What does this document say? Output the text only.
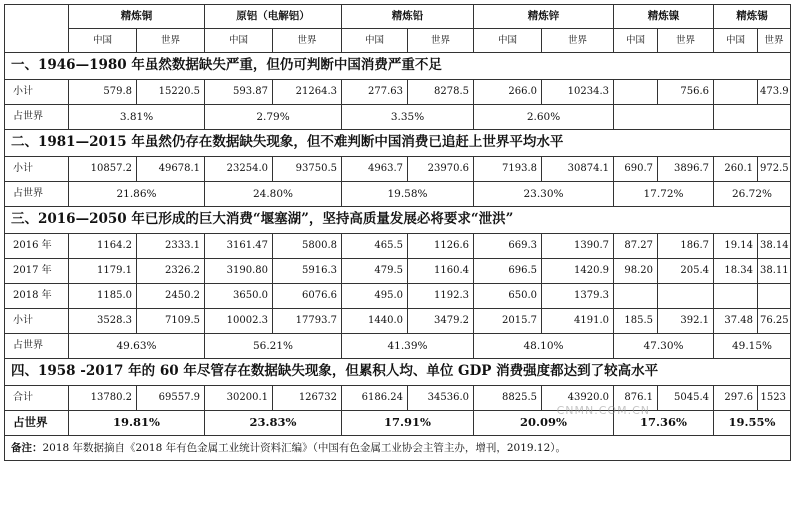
	精炼铜		原铝（电解铝）		精炼铅		精炼锌		精炼镍		精炼锡	
	中国	世界	中国	世界	中国	世界	中国	世界	中国	世界	中国	世界
一、1946—1980 年虽然数据缺失严重，但仍可判断中国消费严重不足												
小计	579.8	15220.5	593.87	21264.3	277.63	8278.5	266.0	10234.3		756.6		473.9
占世界	3.81%		2.79%		3.35%		2.60%					
二、1981—2015 年虽然仍存在数据缺失现象，但不难判断中国消费已追赶上世界平均水平												
小计	10857.2	49678.1	23254.0	93750.5	4963.7	23970.6	7193.8	30874.1	690.7	3896.7	260.1	972.5
占世界	21.86%		24.80%		19.58%		23.30%		17.72%		26.72%	
三、2016—2050 年已形成的巨大消费“堰塞湖”，坚持高质量发展必将要求“泄洪”												
2016 年	1164.2	2333.1	3161.47	5800.8	465.5	1126.6	669.3	1390.7	87.27	186.7	19.14	38.14
2017 年	1179.1	2326.2	3190.80	5916.3	479.5	1160.4	696.5	1420.9	98.20	205.4	18.34	38.11
2018 年	1185.0	2450.2	3650.0	6076.6	495.0	1192.3	650.0	1379.3				
小计	3528.3	7109.5	10002.3	17793.7	1440.0	3479.2	2015.7	4191.0	185.5	392.1	37.48	76.25
占世界	49.63%		56.21%		41.39%		48.10%		47.30%		49.15%	
四、1958 -2017 年的 60 年尽管存在数据缺失现象，但累积人均、单位 GDP 消费强度都达到了较高水平												
合计	13780.2	69557.9	30200.1	126732	6186.24	34536.0	8825.5	43920.0	876.1	5045.4	297.6	1523
占世界	19.81%		23.83%		17.91%		20.09%		17.36%		19.55%	
备注：2018 年数据摘自《2018 年有色金属工业统计资料汇编》（中国有色金属工业协会主管主办，增刊，2019.12）。												
CNMN.COM.CN
